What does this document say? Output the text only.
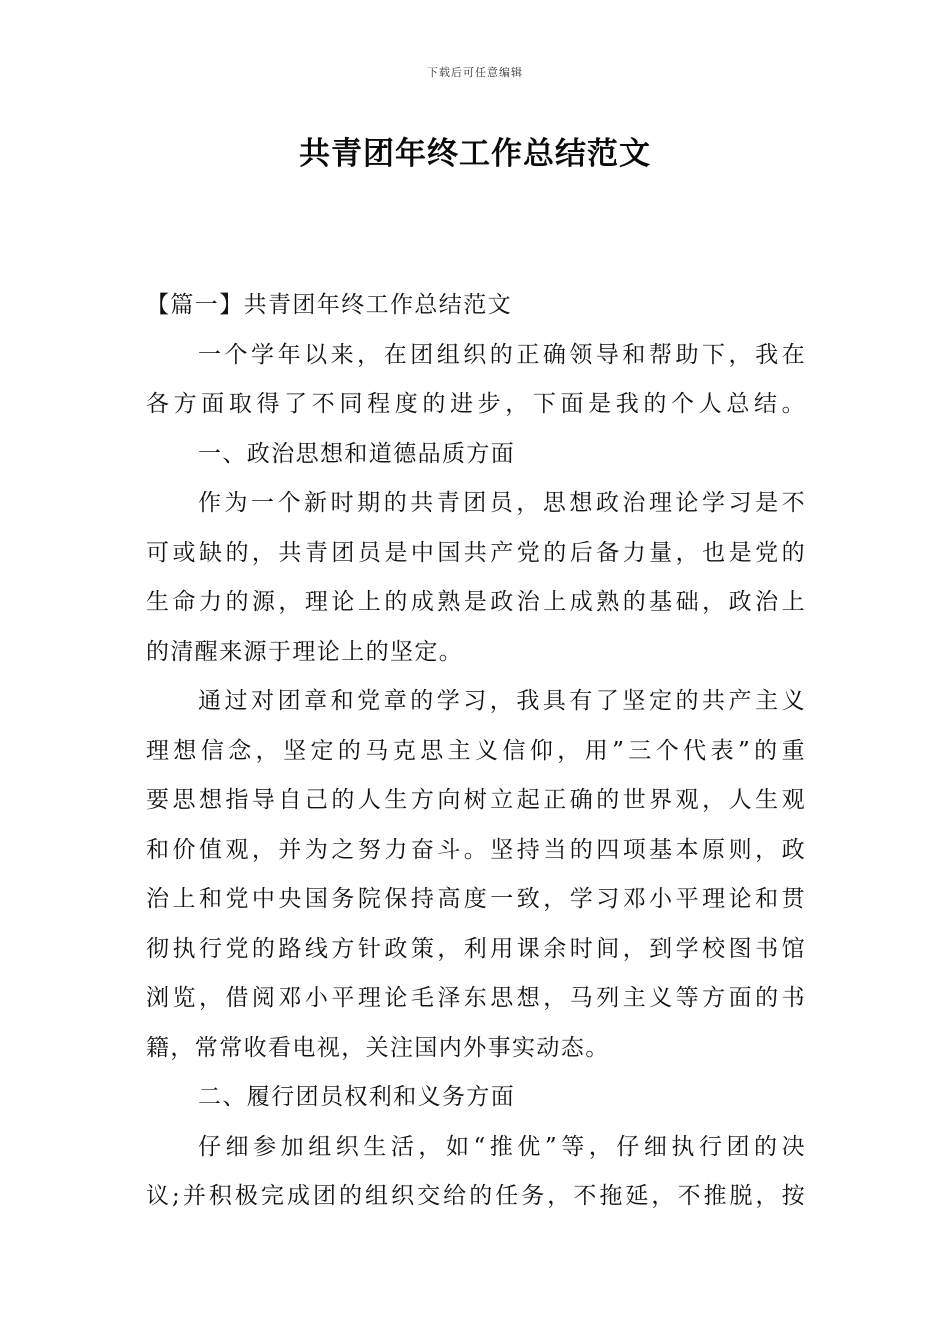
下载后可任意编辑
共青团年终工作总结范文
【篇一】共青团年终工作总结范文
一个学年以来，在团组织的正确领导和帮助下，我在
各方面取得了不同程度的进步，下面是我的个人总结。
一、政治思想和道德品质方面
作为一个新时期的共青团员，思想政治理论学习是不
可或缺的，共青团员是中国共产党的后备力量，也是党的
生命力的源，理论上的成熟是政治上成熟的基础，政治上
的清醒来源于理论上的坚定。
通过对团章和党章的学习，我具有了坚定的共产主义
理想信念，坚定的马克思主义信仰，用”三个代表”的重
要思想指导自己的人生方向树立起正确的世界观，人生观
和价值观，并为之努力奋斗。坚持当的四项基本原则，政
治上和党中央国务院保持高度一致，学习邓小平理论和贯
彻执行党的路线方针政策，利用课余时间，到学校图书馆
浏览，借阅邓小平理论毛泽东思想，马列主义等方面的书
籍，常常收看电视，关注国内外事实动态。
二、履行团员权利和义务方面
仔细参加组织生活，如“推优”等，仔细执行团的决
议;并积极完成团的组织交给的任务，不拖延，不推脱，按
